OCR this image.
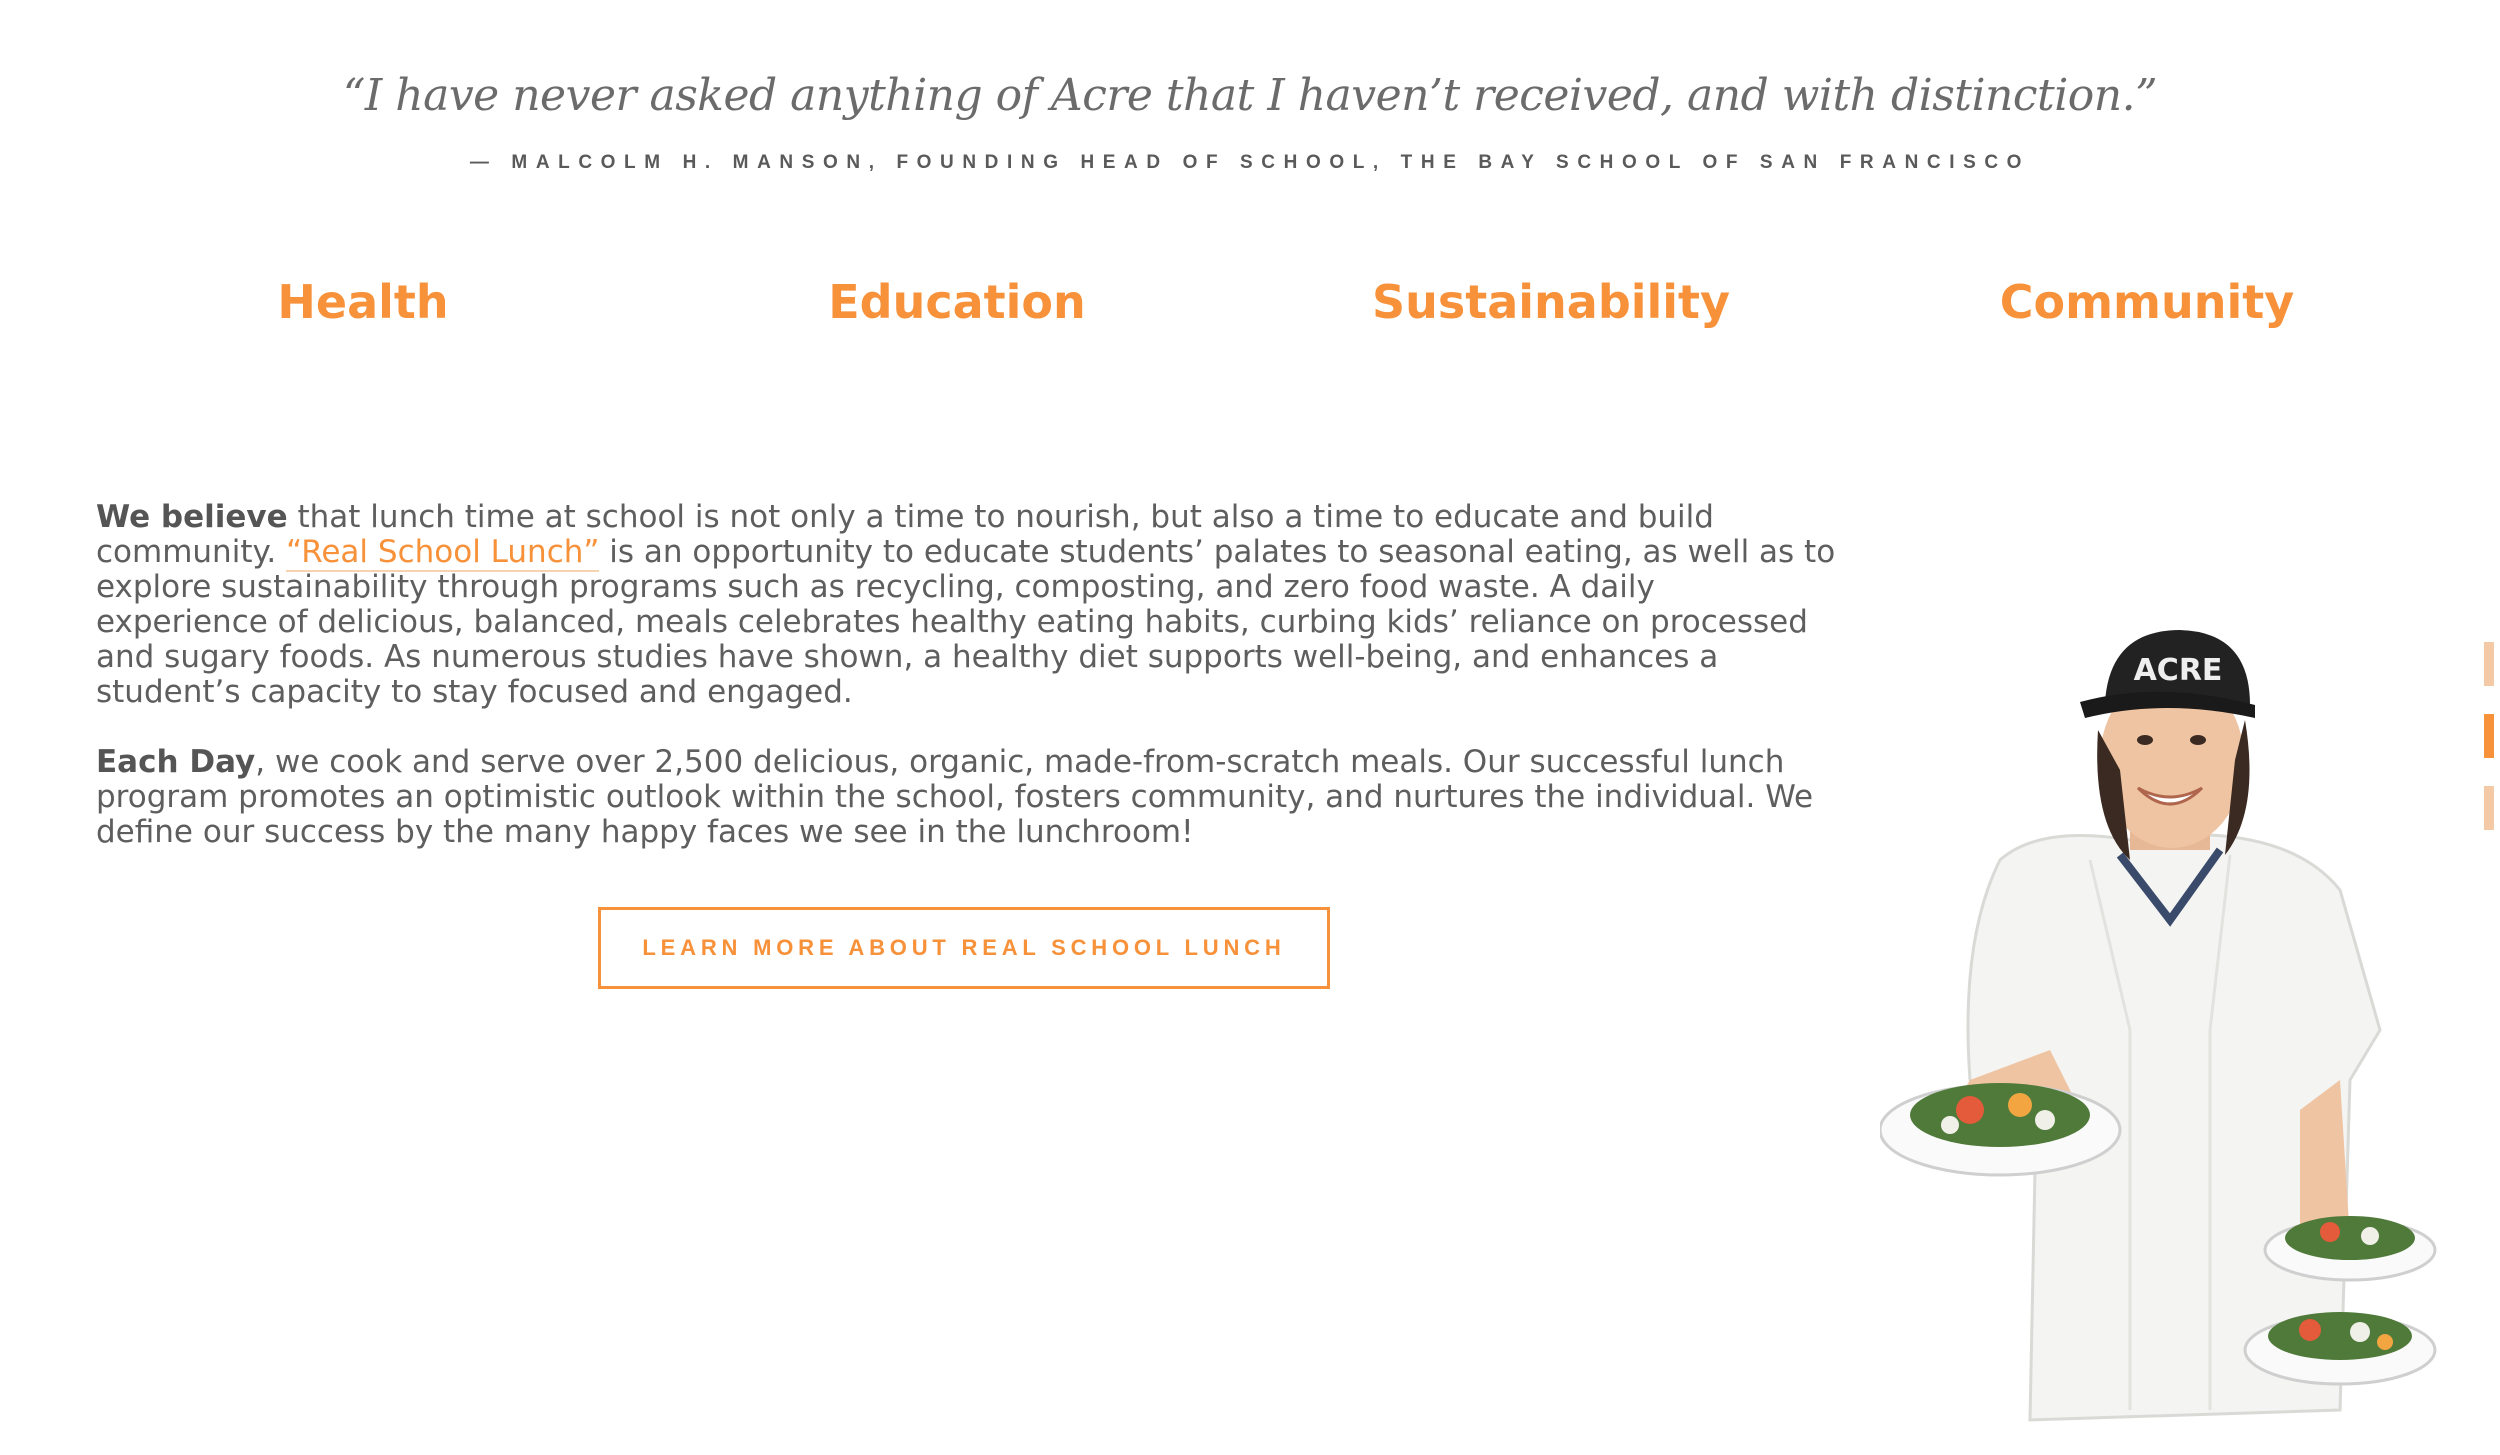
“I have never asked anything of Acre that I haven’t received, and with distinction.”
— MALCOLM H. MANSON, FOUNDING HEAD OF SCHOOL, THE BAY SCHOOL OF SAN FRANCISCO
Health	Education	Sustainability	Community

We believe that lunch time at school is not only a time to nourish, but also a time to educate and build community. “Real School Lunch” is an opportunity to educate students’ palates to seasonal eating, as well as to explore sustainability through programs such as recycling, composting, and zero food waste. A daily experience of delicious, balanced, meals celebrates healthy eating habits, curbing kids’ reliance on processed and sugary foods. As numerous studies have shown, a healthy diet supports well-being, and enhances a student’s capacity to stay focused and engaged.

Each Day, we cook and serve over 2,500 delicious, organic, made-from-scratch meals. Our successful lunch program promotes an optimistic outlook within the school, fosters community, and nurtures the individual. We define our success by the many happy faces we see in the lunchroom!

LEARN MORE ABOUT REAL SCHOOL LUNCH
ACRE
